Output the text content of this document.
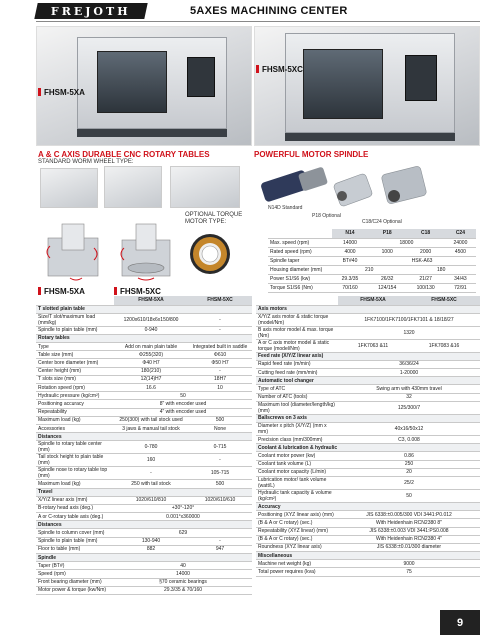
FREJOTH	5AXES MACHINING CENTER
FHSM-5XA
FHSM-5XC
A & C AXIS DURABLE CNC ROTARY TABLES
STANDARD WORM WHEEL TYPE:
OPTIONAL TORQUE MOTOR TYPE:
FHSM-5XA	FHSM-5XC
POWERFUL MOTOR SPINDLE
N14D Standard
P18 Optional
C18/C24 Optional
	N14	P18	C18	C24
Max. speed (rpm)	14000	18000		24000
Rated speed (rpm)	4000	1000	2000	4500
Spindle taper	BT#40	HSK-A63		
Housing diameter (mm)	210		180	
Power S1/S6 (kw)	29.3/35	26/32	21/27	34/43
Torque S1/S6 (Nm)	70/160	124/154	100/130	72/91
	FHSM-5XA	FHSM-5XC
T slotted plain table		
Size/T slot/maximum load (mm/kg)	1200x610/18x6x150/800	-
Spindle to plain table (mm)	0-940	-
Rotary tables		
Type	Add on main plain table	Integrated built in saddle
Table size (mm)	Φ255(320)	Φ610
Center bore diameter (mm)	Φ40 H7	Φ50 H7
Center height (mm)	180(210)	-
T slots size (mm)	12(14)H7	18H7
Rotation speed (rpm)	16.6	10
Hydraulic pressure (kg/cm²)	50	
Positioning accuracy	8" with encoder used	
Repeatability	4" with encoder used	
Maximum load (kg)	250(300) with tail stock used	500
Accessories	3 jaws & manual tail stock	None
Distances		
Spindle to rotary table center (mm)	0-780	0-715
Tail stock height to plain table (mm)	160	-
Spindle nose to rotary table top (mm)	-	105-715
Maximum load (kg)	250 with tail stock	500
Travel		
X/Y/Z linear axis (mm)	1020/610/810	1020/610/610
B-rotary head axis (deg.)	+30°-120°	
A or C-rotary table axis (deg.)	0.001°x360000	
Distances		
Spindle to column cover (mm)	629	
Spindle to plain table (mm)	130-940	-
Floor to table (mm)	882	947
Spindle		
Taper (BT#)	40	
Speed (rpm)	14000	
Front bearing diameter (mm)	§70 ceramic bearings	
Motor power & torque (kw/Nm)	29.3/35 & 70/160	
	FHSM-5XA	FHSM-5XC
Axis motors		
X/Y/Z axis motor & static torque (model/Nm)	1FK7100/1FK7100/1FK7101 & 18/18/27	
B axis motor model & max. torque (Nm)	1320	
A or C axis motor model & static torque (model/Nm)	1FK7063 &11	1FK7083 &16
Feed rate (X/Y/Z linear axis)		
Rapid feed rate (m/min)	36/36/24	
Cutting feed rate (mm/min)	1-20000	
Automatic tool changer		
Type of ATC	Swing arm with 430mm travel	
Number of ATC (tools)	32	
Maximum tool (diameter/length/kg) (mm)	125/300/7	
Ballscrews on 3 axis		
Diameter x pitch (X/Y/Z) (mm x mm)	40x16/50x12	
Precision class (mm/300mm)	C3, 0.008	
Coolant & lubrication & hydraulic		
Coolant motor power (kw)	0.86	
Coolant tank volume (L)	250	
Coolant motor capacity (L/min)	20	
Lubrication motor/ tank volume (watt/L)	25/2	
Hydraulic tank capacity & volume (kg/cm²)	50	
Accuracy		
Positioning (XYZ linear axis) (mm)	JIS 6338:±0.005/300 VDI 3441:P0.012	
(B & A or C rotary) (sec.)	With Heidenhain RCN2380 8"	
Repeatability (XYZ linear) (mm)	JIS 6338:±0.003 VDI 3441:PS0.008	
(B & A or C rotary) (sec.)	With Heidenhain RCN2380 4"	
Roundness (XYZ linear axis)	JIS 6338:±0.01/300 diameter	
Miscellaneous		
Machine net weight (kg)	9000	
Total power requires (kva)	75	
9
